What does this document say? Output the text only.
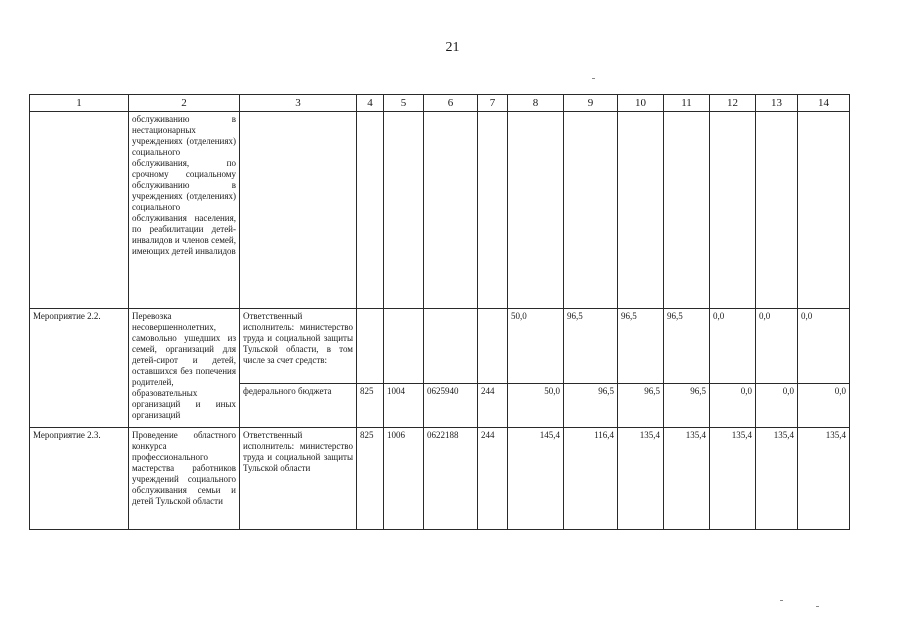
21
1	2	3	4	5	6	7	8	9	10	11	12	13	14
	обслуживанию в нестационарных учреждениях (отделениях) социального обслуживания, по срочному социальному обслуживанию в учреждениях (отделениях) социального обслуживания населения, по реабилитации детей-инвалидов и членов семей, имеющих детей инвалидов												
Мероприятие 2.2.	Перевозка несовершеннолетних, самовольно ушедших из семей, организаций для детей-сирот и детей, оставшихся без попечения родителей, образовательных организаций и иных организаций	Ответственный исполнитель: министерство труда и социальной защиты Тульской области, в том числе за счет средств:					50,0	96,5	96,5	96,5	0,0	0,0	0,0
		федерального бюджета	825	1004	0625940	244	50,0	96,5	96,5	96,5	0,0	0,0	0,0
Мероприятие 2.3.	Проведение областного конкурса профессионального мастерства работников учреждений социального обслуживания семьи и детей Тульской области	Ответственный исполнитель: министерство труда и социальной защиты Тульской области	825	1006	0622188	244	145,4	116,4	135,4	135,4	135,4	135,4	135,4
